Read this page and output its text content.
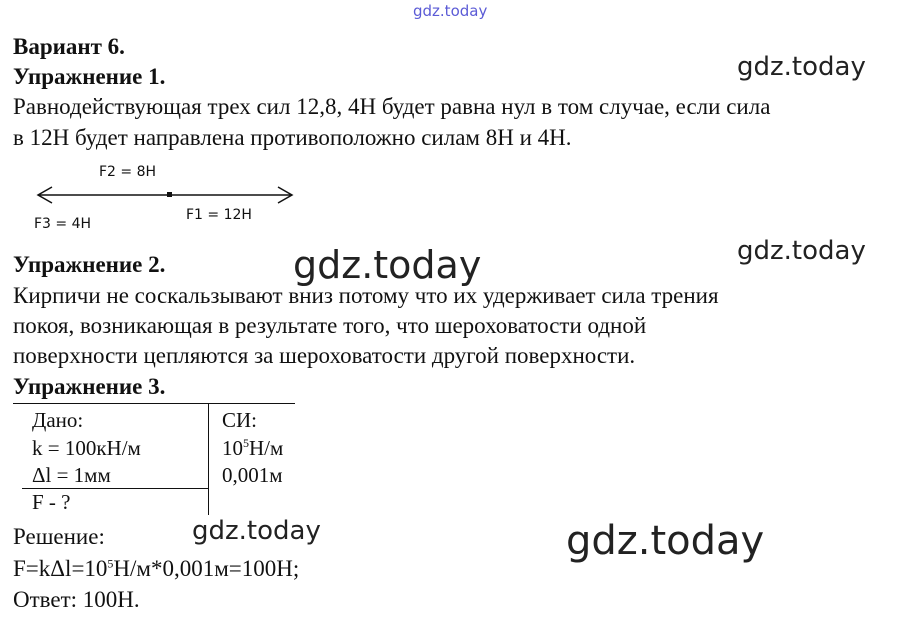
gdz.today
gdz.today
gdz.today
gdz.today
gdz.today	gdz.today
Вариант 6.
Упражнение 1.
Равнодействующая трех сил 12,8, 4Н будет равна нул в том случае, если сила
в 12Н будет направлена противоположно силам 8Н и 4Н.
F2 = 8H
F3 = 4H
F1 = 12H
Упражнение 2.
Кирпичи не соскальзывают вниз потому что их удерживает сила трения
покоя, возникающая в результате того, что шероховатости одной
поверхности цепляются за шероховатости другой поверхности.
Упражнение 3.
Дано:
k = 100кН/м
Δl = 1мм
F - ?
СИ:
$10^5Н/м$
0,001м
Решение:
$F=k\Delta l=10^5Н/м*0,001м=100Н$;
Ответ: 100Н.
